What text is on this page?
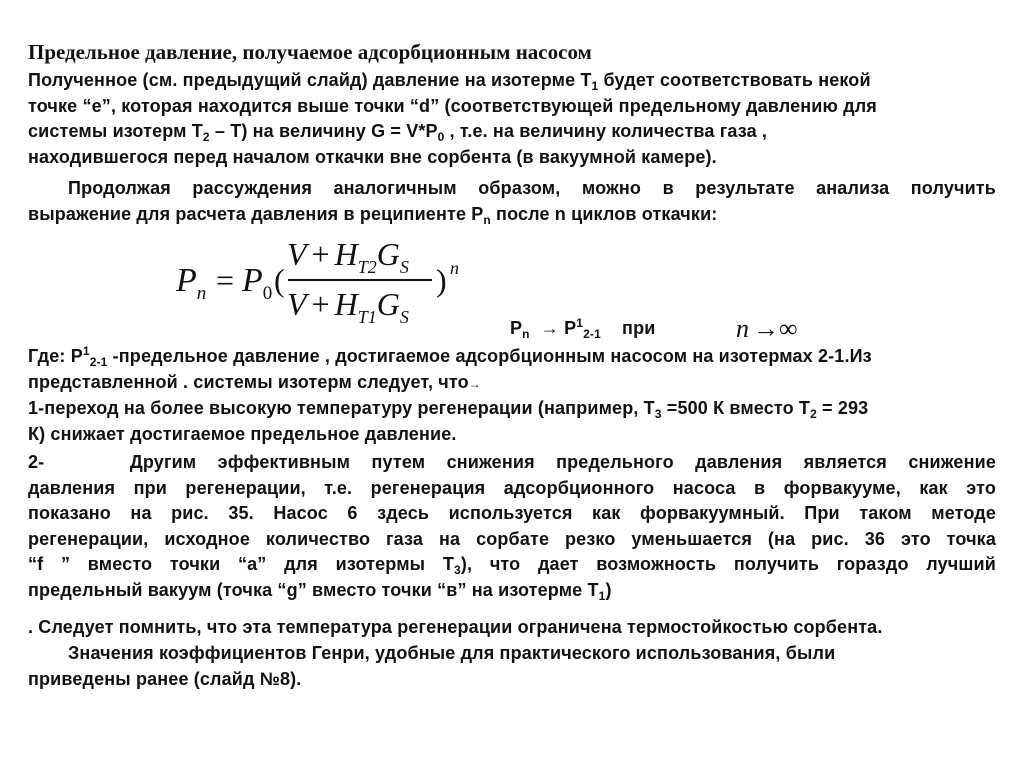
Предельное давление, получаемое адсорбционным насосом
Полученное (см. предыдущий слайд) давление на изотерме $Т_1$ будет соответствовать некой
точке “е”, которая находится выше точки “d” (соответствующей предельному давлению для
системы изотерм $Т_2 - Т$) на величину $G = V*P_0$ , т.е. на величину количества газа ,
находившегося перед началом откачки вне сорбента (в вакуумной камере).
Продолжая рассуждения аналогичным образом, можно в результате анализа получить
выражение для расчета давления в реципиенте $Р_n$ после n циклов откачки:
$P_n = P_0$ (
$V + H_{T2}G_S$
$V + H_{T1}G_S$
) n
$P_n \to Р^1_{2-1}$ при	n →∞
Где: $Р^1_{2-1}$ -предельное давление , достигаемое адсорбционным насосом на изотермах 2-1.Из
представленной . системы изотерм следует, что→
1-переход на более высокую температуру регенерации (например, $Т_3 =500$ К вместо $Т_2 = 293$
К) снижает достигаемое предельное давление.
2-    Другим эффективным путем снижения предельного давления является снижение
давления при регенерации, т.е. регенерация адсорбционного насоса в форвакууме, как это
показано на рис. 35. Насос 6 здесь используется как форвакуумный. При таком методе
регенерации, исходное количество газа на сорбате резко уменьшается (на рис. 36 это точка
“f ” вместо точки “a” для изотермы $Т_3$), что дает возможность получить гораздо лучший
предельный вакуум (точка “g” вместо точки “в” на изотерме $Т_1$)
. Следует помнить, что эта температура регенерации ограничена термостойкостью сорбента.
Значения коэффициентов Генри, удобные для практического использования, были
приведены ранее (слайд №8).
